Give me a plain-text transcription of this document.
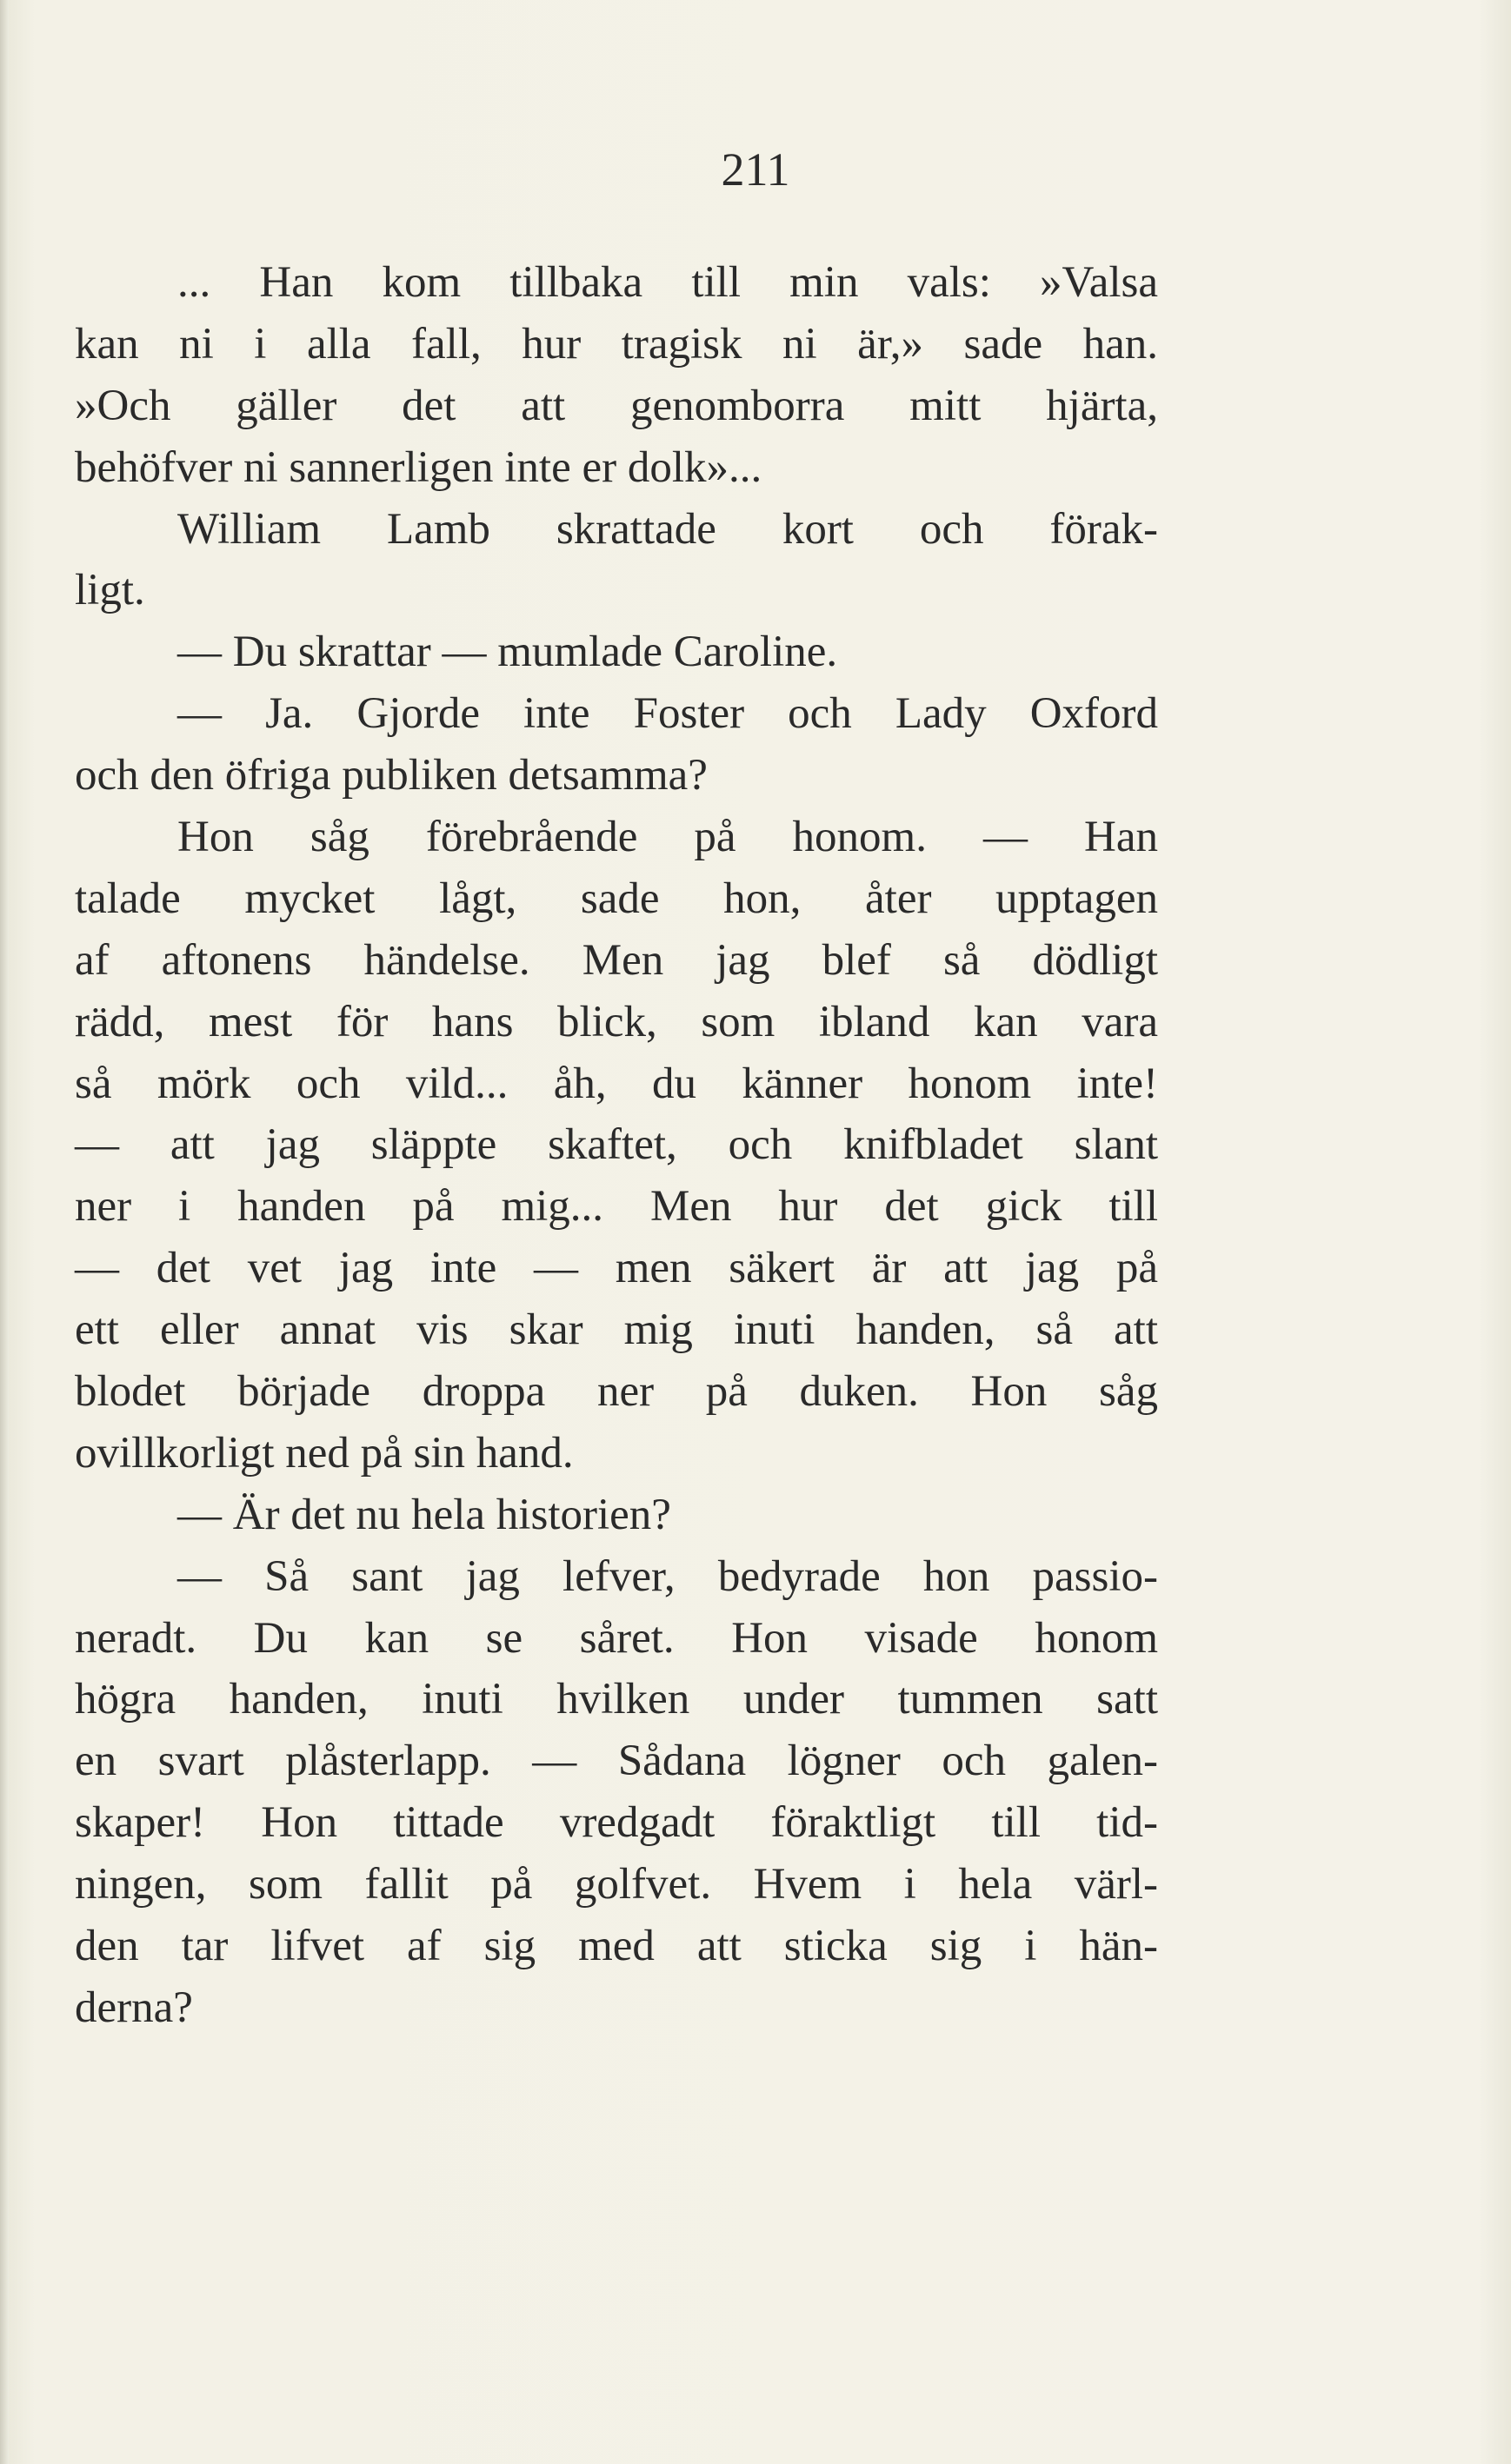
211
... Han kom tillbaka till min vals: »Valsa
kan ni i alla fall, hur tragisk ni är,» sade han.
»Och gäller det att genomborra mitt hjärta,
behöfver ni sannerligen inte er dolk»...
William Lamb skrattade kort och förak-
ligt.
— Du skrattar — mumlade Caroline.
— Ja. Gjorde inte Foster och Lady Oxford
och den öfriga publiken detsamma?
Hon såg förebrående på honom. — Han
talade mycket lågt, sade hon, åter upptagen
af aftonens händelse. Men jag blef så dödligt
rädd, mest för hans blick, som ibland kan vara
så mörk och vild... åh, du känner honom inte!
— att jag släppte skaftet, och knifbladet slant
ner i handen på mig... Men hur det gick till
— det vet jag inte — men säkert är att jag på
ett eller annat vis skar mig inuti handen, så att
blodet började droppa ner på duken. Hon såg
ovillkorligt ned på sin hand.
— Är det nu hela historien?
— Så sant jag lefver, bedyrade hon passio-
neradt. Du kan se såret. Hon visade honom
högra handen, inuti hvilken under tummen satt
en svart plåsterlapp. — Sådana lögner och galen-
skaper! Hon tittade vredgadt föraktligt till tid-
ningen, som fallit på golfvet. Hvem i hela värl-
den tar lifvet af sig med att sticka sig i hän-
derna?
